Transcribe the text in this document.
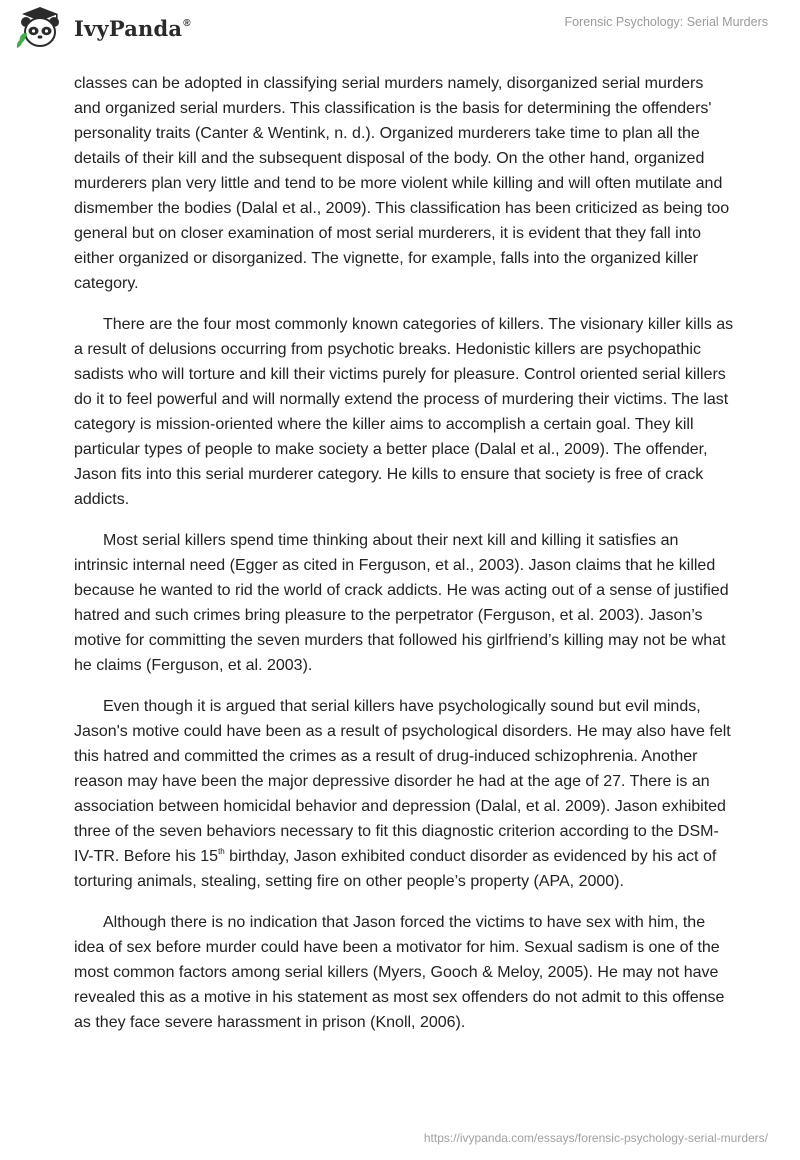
IvyPanda®	Forensic Psychology: Serial Murders

classes can be adopted in classifying serial murders namely, disorganized serial murders and organized serial murders. This classification is the basis for determining the offenders' personality traits (Canter & Wentink, n. d.). Organized murderers take time to plan all the details of their kill and the subsequent disposal of the body. On the other hand, organized murderers plan very little and tend to be more violent while killing and will often mutilate and dismember the bodies (Dalal et al., 2009). This classification has been criticized as being too general but on closer examination of most serial murderers, it is evident that they fall into either organized or disorganized. The vignette, for example, falls into the organized killer category.

There are the four most commonly known categories of killers. The visionary killer kills as a result of delusions occurring from psychotic breaks. Hedonistic killers are psychopathic sadists who will torture and kill their victims purely for pleasure. Control oriented serial killers do it to feel powerful and will normally extend the process of murdering their victims. The last category is mission-oriented where the killer aims to accomplish a certain goal. They kill particular types of people to make society a better place (Dalal et al., 2009). The offender, Jason fits into this serial murderer category. He kills to ensure that society is free of crack addicts.

Most serial killers spend time thinking about their next kill and killing it satisfies an intrinsic internal need (Egger as cited in Ferguson, et al., 2003). Jason claims that he killed because he wanted to rid the world of crack addicts. He was acting out of a sense of justified hatred and such crimes bring pleasure to the perpetrator (Ferguson, et al. 2003). Jason’s motive for committing the seven murders that followed his girlfriend’s killing may not be what he claims (Ferguson, et al. 2003).

Even though it is argued that serial killers have psychologically sound but evil minds, Jason's motive could have been as a result of psychological disorders. He may also have felt this hatred and committed the crimes as a result of drug-induced schizophrenia. Another reason may have been the major depressive disorder he had at the age of 27. There is an association between homicidal behavior and depression (Dalal, et al. 2009). Jason exhibited three of the seven behaviors necessary to fit this diagnostic criterion according to the DSM-IV-TR. Before his 15th birthday, Jason exhibited conduct disorder as evidenced by his act of torturing animals, stealing, setting fire on other people’s property (APA, 2000).

Although there is no indication that Jason forced the victims to have sex with him, the idea of sex before murder could have been a motivator for him. Sexual sadism is one of the most common factors among serial killers (Myers, Gooch & Meloy, 2005). He may not have revealed this as a motive in his statement as most sex offenders do not admit to this offense as they face severe harassment in prison (Knoll, 2006).

https://ivypanda.com/essays/forensic-psychology-serial-murders/
